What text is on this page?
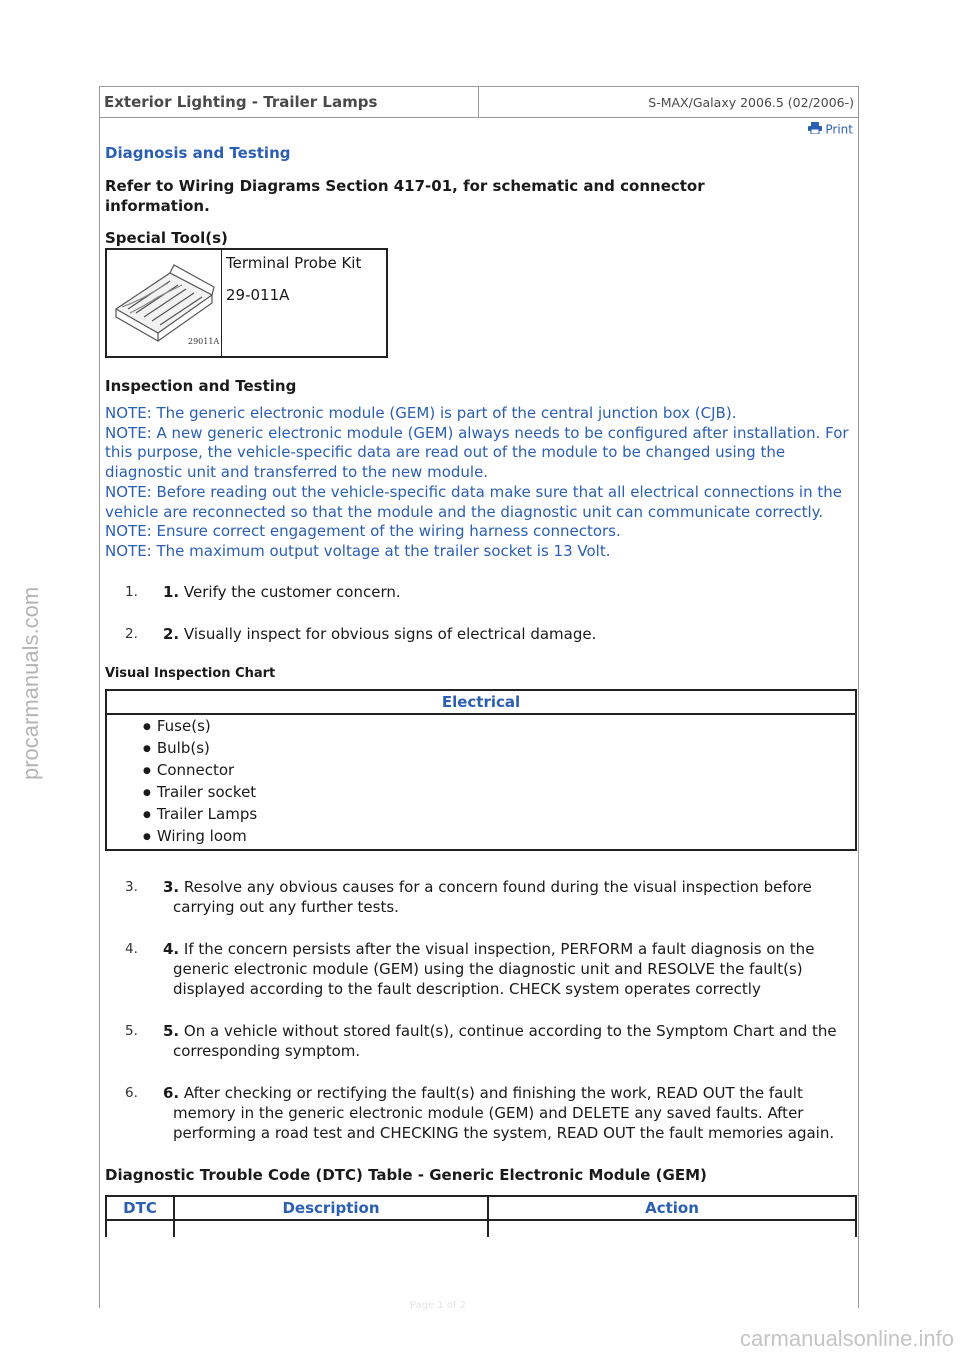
procarmanuals.com
Exterior Lighting - Trailer Lamps	S-MAX/Galaxy 2006.5 (02/2006-)
Print
Diagnosis and Testing
Refer to Wiring Diagrams Section 417-01, for schematic and connector information.
Special Tool(s)
29011A

Terminal Probe Kit

29-011A

Inspection and Testing
NOTE: The generic electronic module (GEM) is part of the central junction box (CJB).
NOTE: A new generic electronic module (GEM) always needs to be configured after installation. For this purpose, the vehicle-specific data are read out of the module to be changed using the diagnostic unit and transferred to the new module.
NOTE: Before reading out the vehicle-specific data make sure that all electrical connections in the vehicle are reconnected so that the module and the diagnostic unit can communicate correctly.
NOTE: Ensure correct engagement of the wiring harness connectors.
NOTE: The maximum output voltage at the trailer socket is 13 Volt.
1. 1. Verify the customer concern.
2. 2. Visually inspect for obvious signs of electrical damage.
Visual Inspection Chart
Electrical

● Fuse(s)
● Bulb(s)
● Connector
● Trailer socket
● Trailer Lamps
● Wiring loom
3. 3. Resolve any obvious causes for a concern found during the visual inspection before carrying out any further tests.
4. 4. If the concern persists after the visual inspection, PERFORM a fault diagnosis on the generic electronic module (GEM) using the diagnostic unit and RESOLVE the fault(s) displayed according to the fault description. CHECK system operates correctly
5. 5. On a vehicle without stored fault(s), continue according to the Symptom Chart and the corresponding symptom.
6. 6. After checking or rectifying the fault(s) and finishing the work, READ OUT the fault memory in the generic electronic module (GEM) and DELETE any saved faults. After performing a road test and CHECKING the system, READ OUT the fault memories again.
Diagnostic Trouble Code (DTC) Table - Generic Electronic Module (GEM)
DTC	Description	Action

Page 1 of 2
carmanualsonline.info
